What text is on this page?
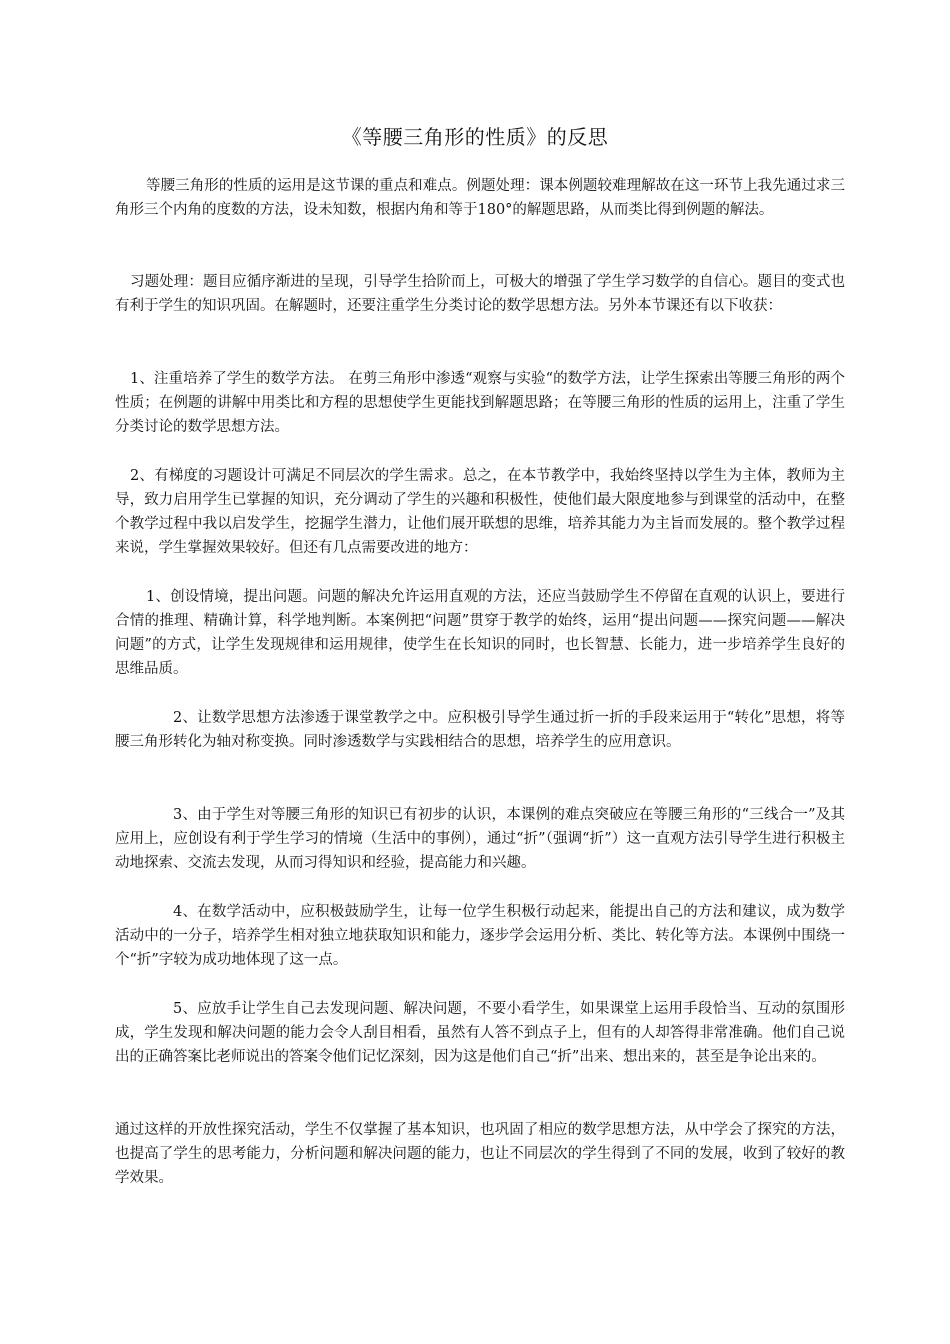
《等腰三角形的性质》的反思

等腰三角形的性质的运用是这节课的重点和难点。例题处理：课本例题较难理解故在这一环节上我先通过求三角形三个内角的度数的方法，设未知数，根据内角和等于180°的解题思路，从而类比得到例题的解法。

习题处理：题目应循序渐进的呈现，引导学生拾阶而上，可极大的增强了学生学习数学的自信心。题目的变式也有利于学生的知识巩固。在解题时，还要注重学生分类讨论的数学思想方法。另外本节课还有以下收获：

1、注重培养了学生的数学方法。 在剪三角形中渗透“观察与实验“的数学方法，让学生探索出等腰三角形的两个性质；在例题的讲解中用类比和方程的思想使学生更能找到解题思路；在等腰三角形的性质的运用上，注重了学生分类讨论的数学思想方法。

2、有梯度的习题设计可满足不同层次的学生需求。总之，在本节教学中，我始终坚持以学生为主体，教师为主导，致力启用学生已掌握的知识，充分调动了学生的兴趣和积极性，使他们最大限度地参与到课堂的活动中，在整个教学过程中我以启发学生，挖掘学生潜力，让他们展开联想的思维，培养其能力为主旨而发展的。整个教学过程来说，学生掌握效果较好。但还有几点需要改进的地方：

1、创设情境，提出问题。问题的解决允许运用直观的方法，还应当鼓励学生不停留在直观的认识上，要进行合情的推理、精确计算，科学地判断。本案例把“问题”贯穿于教学的始终，运用“提出问题——探究问题——解决问题”的方式，让学生发现规律和运用规律，使学生在长知识的同时，也长智慧、长能力，进一步培养学生良好的思维品质。

2、让数学思想方法渗透于课堂教学之中。应积极引导学生通过折一折的手段来运用于“转化”思想，将等腰三角形转化为轴对称变换。同时渗透数学与实践相结合的思想，培养学生的应用意识。

3、由于学生对等腰三角形的知识已有初步的认识，本课例的难点突破应在等腰三角形的“三线合一”及其应用上，应创设有利于学生学习的情境（生活中的事例），通过“折”（强调“折”）这一直观方法引导学生进行积极主动地探索、交流去发现，从而习得知识和经验，提高能力和兴趣。

4、在数学活动中，应积极鼓励学生，让每一位学生积极行动起来，能提出自己的方法和建议，成为数学活动中的一分子，培养学生相对独立地获取知识和能力，逐步学会运用分析、类比、转化等方法。本课例中围绕一个“折”字较为成功地体现了这一点。

5、应放手让学生自己去发现问题、解决问题，不要小看学生，如果课堂上运用手段恰当、互动的氛围形成，学生发现和解决问题的能力会令人刮目相看，虽然有人答不到点子上，但有的人却答得非常准确。他们自己说出的正确答案比老师说出的答案令他们记忆深刻，因为这是他们自己“折”出来、想出来的，甚至是争论出来的。

通过这样的开放性探究活动，学生不仅掌握了基本知识，也巩固了相应的数学思想方法，从中学会了探究的方法，也提高了学生的思考能力，分析问题和解决问题的能力，也让不同层次的学生得到了不同的发展，收到了较好的教学效果。
